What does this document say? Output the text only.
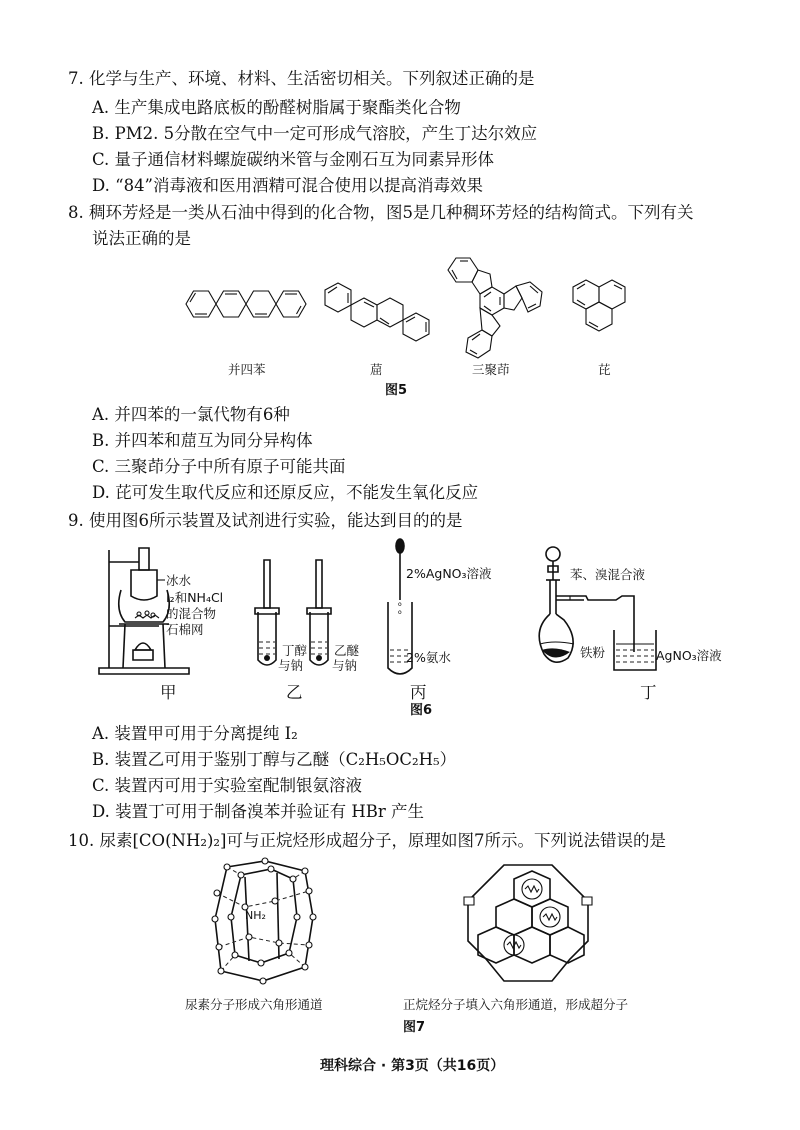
7. 化学与生产、环境、材料、生活密切相关。下列叙述正确的是
A. 生产集成电路底板的酚醛树脂属于聚酯类化合物
B. PM2. 5分散在空气中一定可形成气溶胶，产生丁达尔效应
C. 量子通信材料螺旋碳纳米管与金刚石互为同素异形体
D. “84”消毒液和医用酒精可混合使用以提高消毒效果
8. 稠环芳烃是一类从石油中得到的化合物，图5是几种稠环芳烃的结构简式。下列有关
说法正确的是
并四苯	䓛	三聚茚	芘
图5
A. 并四苯的一氯代物有6种
B. 并四苯和䓛互为同分异构体
C. 三聚茚分子中所有原子可能共面
D. 芘可发生取代反应和还原反应，不能发生氧化反应
9. 使用图6所示装置及试剂进行实验，能达到目的的是
冰水
I₂和NH₄Cl
的混合物
石棉网
丁醇
与钠
乙醚
与钠
o
o
2%AgNO₃溶液
2%氨水
苯、溴混合液
铁粉	AgNO₃溶液
甲	乙	丙	丁
图6
A. 装置甲可用于分离提纯 I₂
B. 装置乙可用于鉴别丁醇与乙醚（C₂H₅OC₂H₅）
C. 装置丙可用于实验室配制银氨溶液
D. 装置丁可用于制备溴苯并验证有 HBr 产生
10. 尿素[CO(NH₂)₂]可与正烷烃形成超分子，原理如图7所示。下列说法错误的是
NH₂
尿素分子形成六角形通道	正烷烃分子填入六角形通道，形成超分子
图7
理科综合 · 第3页（共16页）
